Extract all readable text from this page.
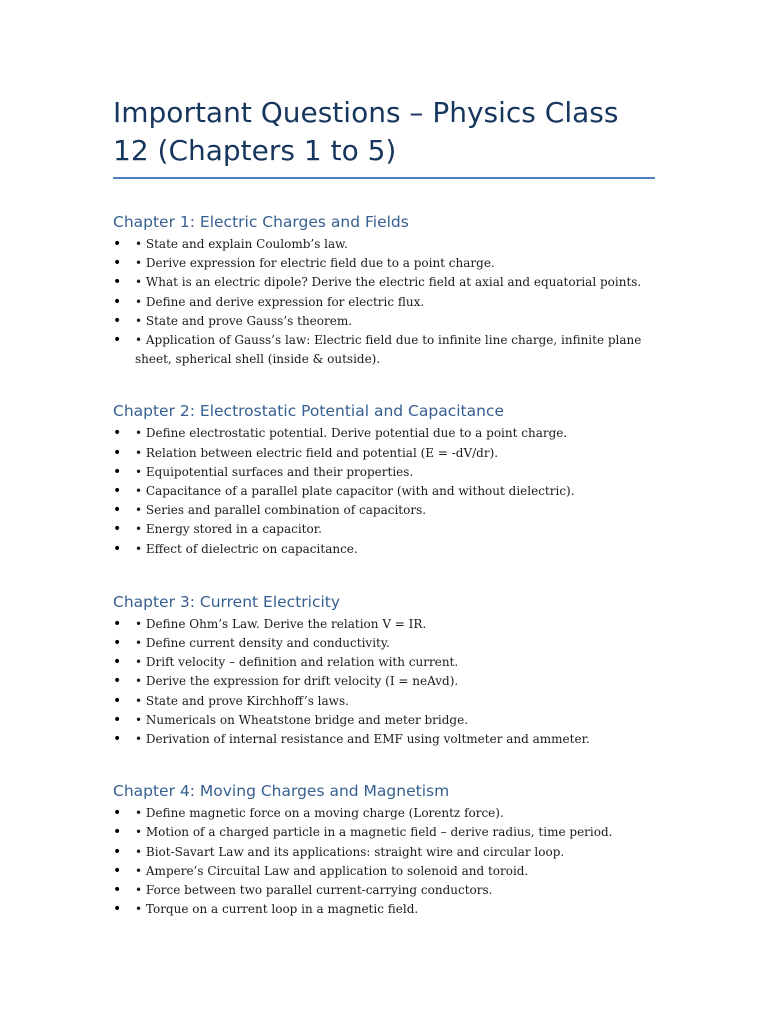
Important Questions – Physics Class 12 (Chapters 1 to 5)
Chapter 1: Electric Charges and Fields
• • State and explain Coulomb’s law.
• • Derive expression for electric field due to a point charge.
• • What is an electric dipole? Derive the electric field at axial and equatorial points.
• • Define and derive expression for electric flux.
• • State and prove Gauss’s theorem.
• • Application of Gauss’s law: Electric field due to infinite line charge, infinite plane sheet, spherical shell (inside & outside).
Chapter 2: Electrostatic Potential and Capacitance
• • Define electrostatic potential. Derive potential due to a point charge.
• • Relation between electric field and potential (E = -dV/dr).
• • Equipotential surfaces and their properties.
• • Capacitance of a parallel plate capacitor (with and without dielectric).
• • Series and parallel combination of capacitors.
• • Energy stored in a capacitor.
• • Effect of dielectric on capacitance.
Chapter 3: Current Electricity
• • Define Ohm’s Law. Derive the relation V = IR.
• • Define current density and conductivity.
• • Drift velocity – definition and relation with current.
• • Derive the expression for drift velocity (I = neAvd).
• • State and prove Kirchhoff’s laws.
• • Numericals on Wheatstone bridge and meter bridge.
• • Derivation of internal resistance and EMF using voltmeter and ammeter.
Chapter 4: Moving Charges and Magnetism
• • Define magnetic force on a moving charge (Lorentz force).
• • Motion of a charged particle in a magnetic field – derive radius, time period.
• • Biot-Savart Law and its applications: straight wire and circular loop.
• • Ampere’s Circuital Law and application to solenoid and toroid.
• • Force between two parallel current-carrying conductors.
• • Torque on a current loop in a magnetic field.
